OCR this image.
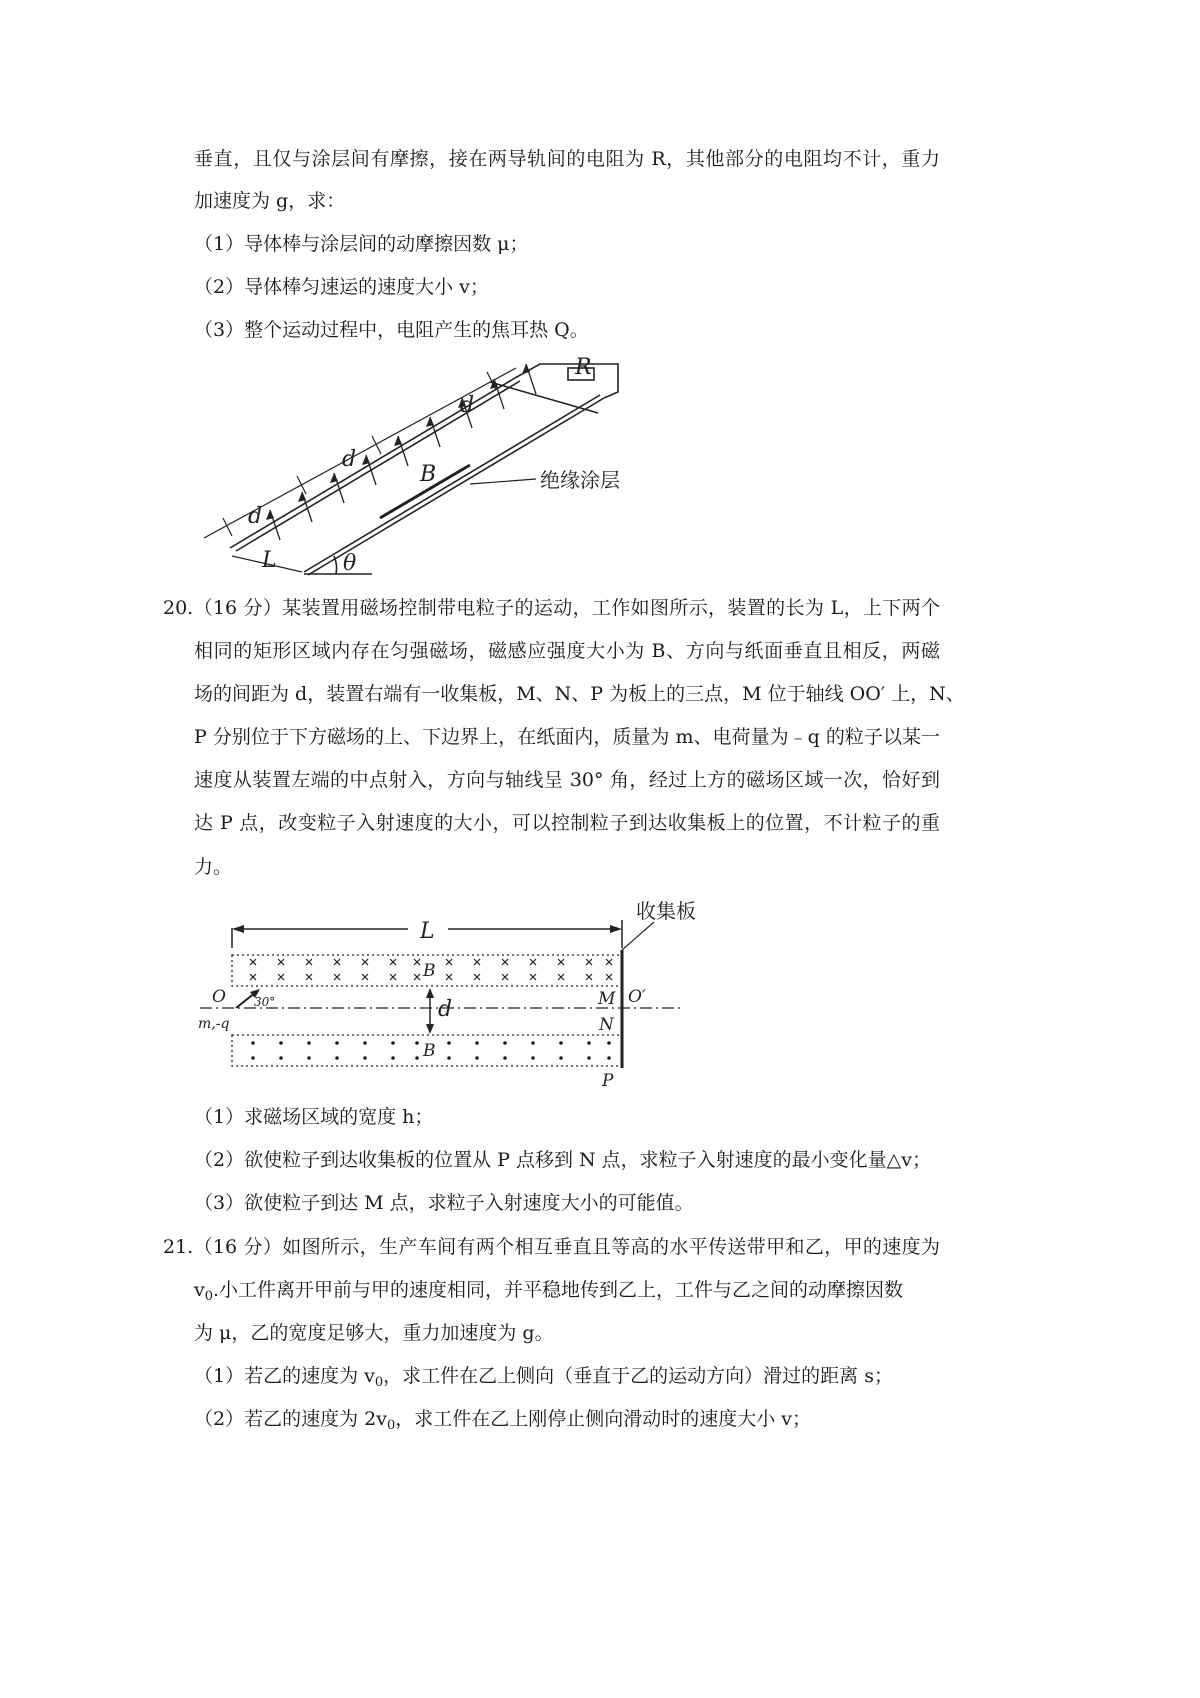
垂直，且仅与涂层间有摩擦，接在两导轨间的电阻为 R，其他部分的电阻均不计，重力
加速度为 g，求：
（1）导体棒与涂层间的动摩擦因数 μ；
（2）导体棒匀速运的速度大小 v；
（3）整个运动过程中，电阻产生的焦耳热 Q。
R
d
d
d
B
L	θ
绝缘涂层
20.（16 分）某装置用磁场控制带电粒子的运动，工作如图所示，装置的长为 L，上下两个
相同的矩形区域内存在匀强磁场，磁感应强度大小为 B、方向与纸面垂直且相反，两磁
场的间距为 d，装置右端有一收集板，M、N、P 为板上的三点，M 位于轴线 OO′ 上，N、
P 分别位于下方磁场的上、下边界上，在纸面内，质量为 m、电荷量为﹣q 的粒子以某一
速度从装置左端的中点射入，方向与轴线呈 30° 角，经过上方的磁场区域一次，恰好到
达 P 点，改变粒子入射速度的大小，可以控制粒子到达收集板上的位置，不计粒子的重
力。
L
收集板
O	O′
m,-q
30°
B
B
d	M
N
P
（1）求磁场区域的宽度 h；
（2）欲使粒子到达收集板的位置从 P 点移到 N 点，求粒子入射速度的最小变化量△v；
（3）欲使粒子到达 M 点，求粒子入射速度大小的可能值。
21.（16 分）如图所示，生产车间有两个相互垂直且等高的水平传送带甲和乙，甲的速度为
$v_0$.小工件离开甲前与甲的速度相同，并平稳地传到乙上，工件与乙之间的动摩擦因数
为 μ，乙的宽度足够大，重力加速度为 g。
（1）若乙的速度为 $v_0$，求工件在乙上侧向（垂直于乙的运动方向）滑过的距离 s；
（2）若乙的速度为 $2v_0$，求工件在乙上刚停止侧向滑动时的速度大小 v；
